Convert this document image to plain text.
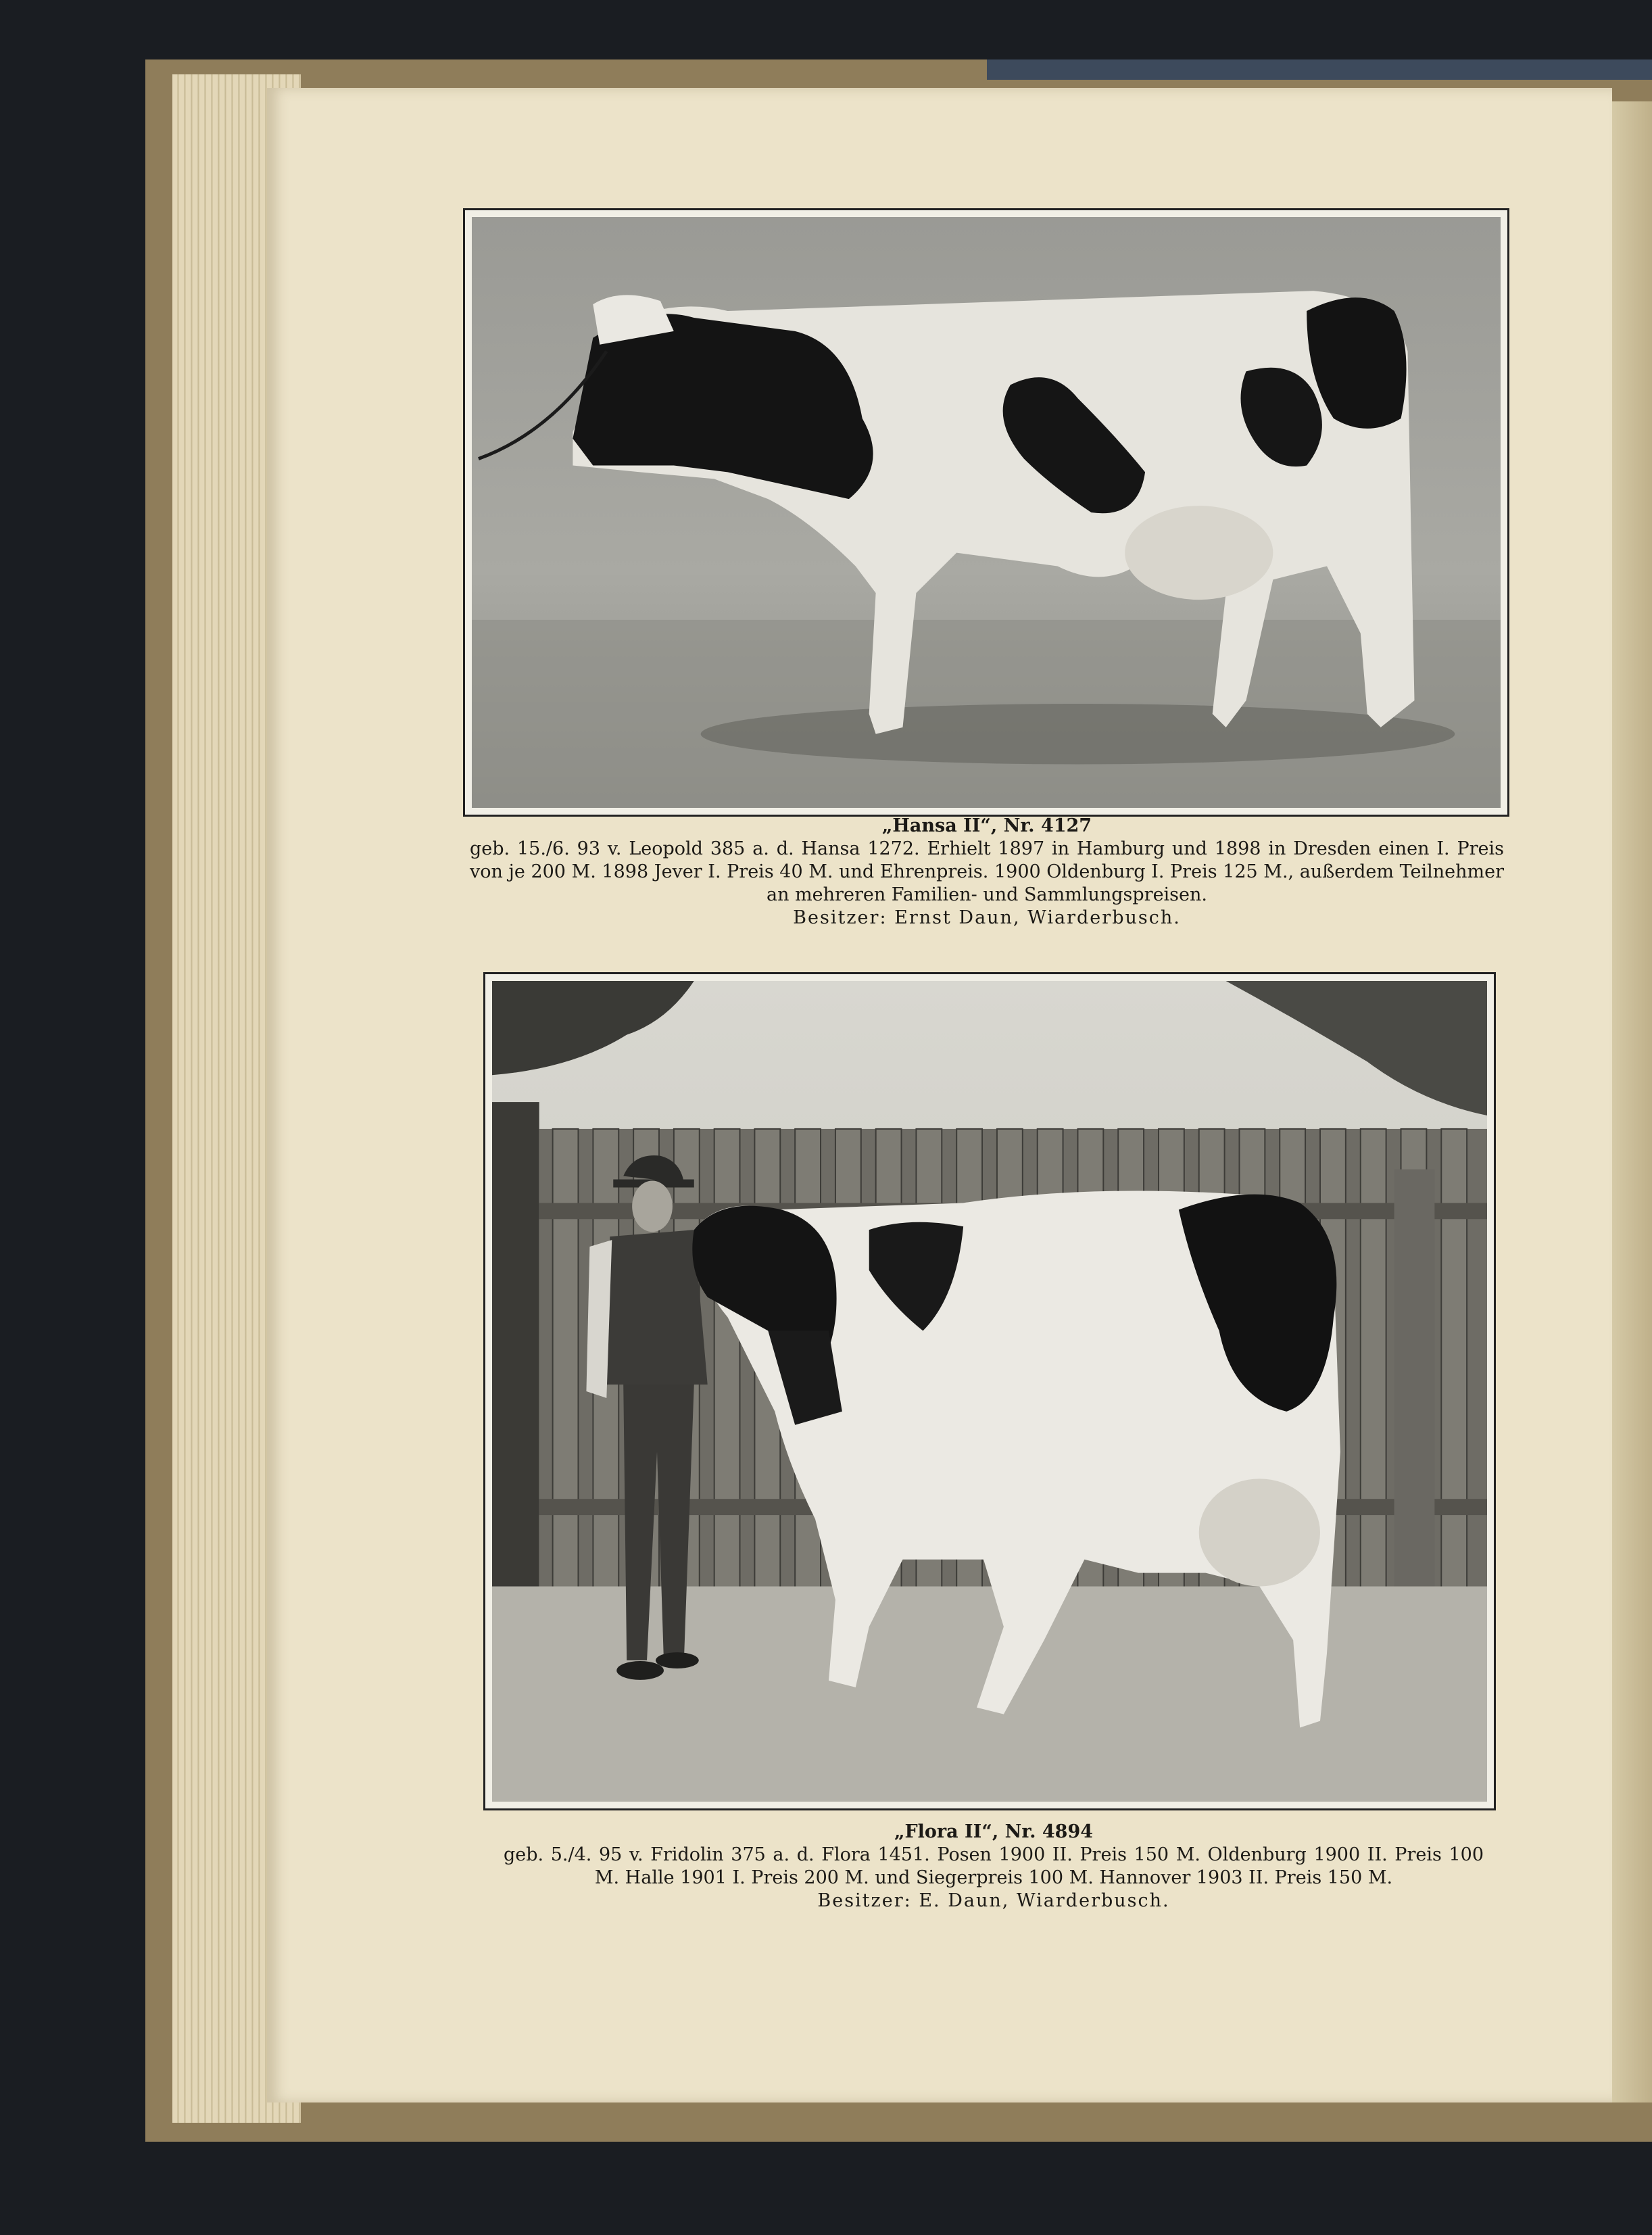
„Hansa II“, Nr. 4127
geb. 15./6. 93 v. Leopold 385 a. d. Hansa 1272. Erhielt 1897 in Hamburg und 1898 in Dresden einen I. Preis von je 200 M. 1898 Jever I. Preis 40 M. und Ehrenpreis. 1900 Oldenburg I. Preis 125 M., außerdem Teilnehmer an mehreren Familien- und Sammlungspreisen.
Besitzer: Ernst Daun, Wiarderbusch.
„Flora II“, Nr. 4894
geb. 5./4. 95 v. Fridolin 375 a. d. Flora 1451. Posen 1900 II. Preis 150 M. Oldenburg 1900 II. Preis 100 M. Halle 1901 I. Preis 200 M. und Siegerpreis 100 M. Hannover 1903 II. Preis 150 M.
Besitzer: E. Daun, Wiarderbusch.
